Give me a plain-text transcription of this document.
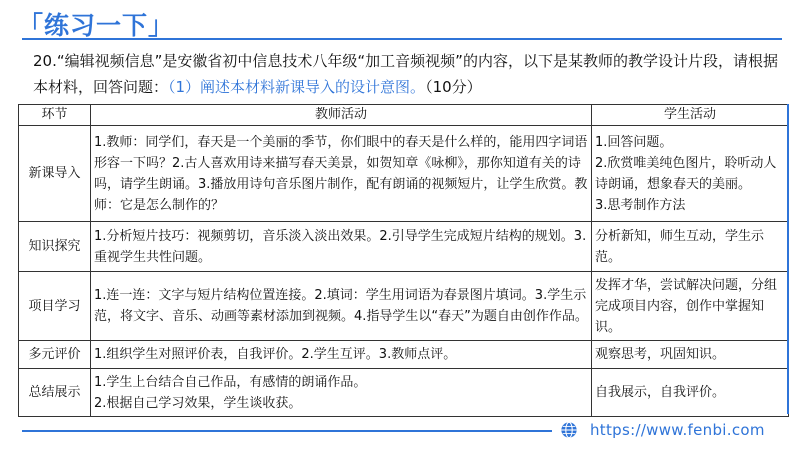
「练习一下」
20.“编辑视频信息”是安徽省初中信息技术八年级“加工音频视频”的内容，以下是某教师的教学设计片段，请根据本材料，回答问题：（1）阐述本材料新课导入的设计意图。（10分）
环节	教师活动	学生活动
新课导入	1.教师：同学们，春天是一个美丽的季节，你们眼中的春天是什么样的，能用四字词语形容一下吗？2.古人喜欢用诗来描写春天美景，如贺知章《咏柳》，那你知道有关的诗吗，请学生朗诵。3.播放用诗句音乐图片制作，配有朗诵的视频短片，让学生欣赏。教师：它是怎么制作的？	1.回答问题。
2.欣赏唯美纯色图片，聆听动人诗朗诵，想象春天的美丽。
3.思考制作方法

知识探究	1.分析短片技巧：视频剪切，音乐淡入淡出效果。2.引导学生完成短片结构的规划。3.重视学生共性问题。	分析新知，师生互动，学生示范。

项目学习	1.连一连：文字与短片结构位置连接。2.填词：学生用词语为春景图片填词。3.学生示范，将文字、音乐、动画等素材添加到视频。4.指导学生以“春天”为题自由创作作品。	发挥才华，尝试解决问题，分组完成项目内容，创作中掌握知识。

多元评价	1.组织学生对照评价表，自我评价。2.学生互评。3.教师点评。	观察思考，巩固知识。

总结展示	1.学生上台结合自己作品，有感情的朗诵作品。
2.根据自己学习效果，学生谈收获。	自我展示，自我评价。
https://www.fenbi.com
